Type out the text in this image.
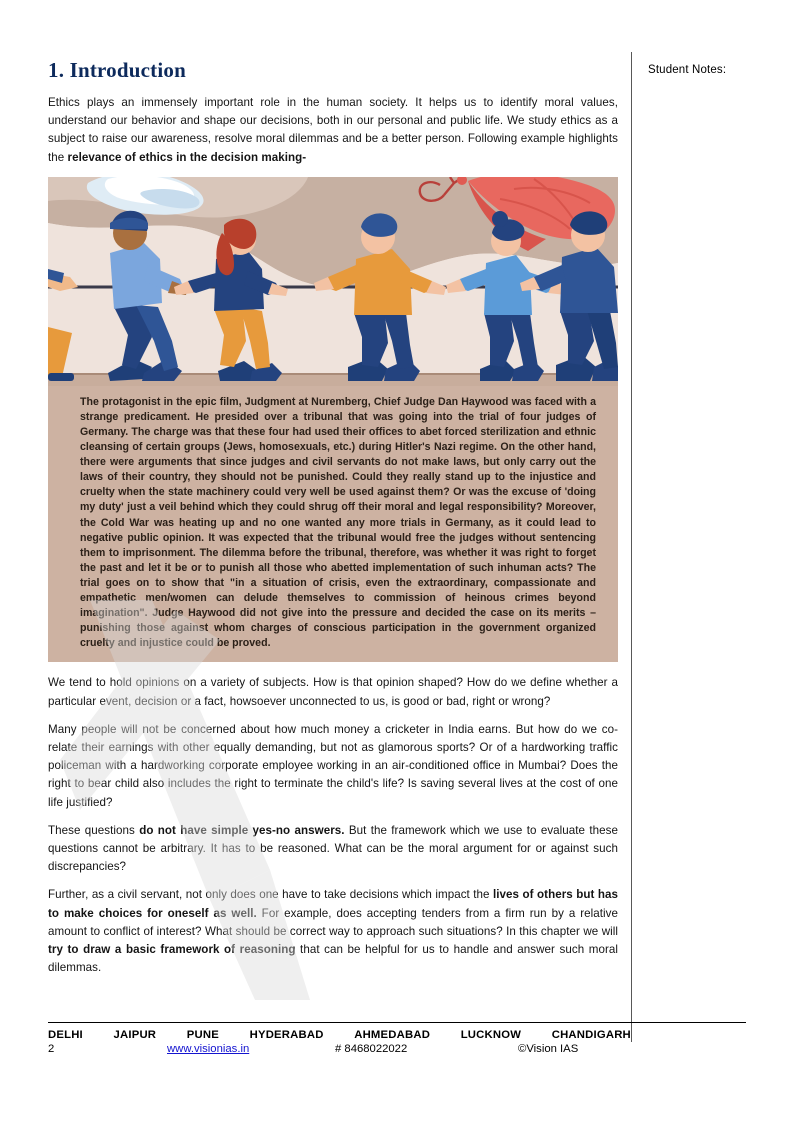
Student Notes:
1. Introduction

Ethics plays an immensely important role in the human society. It helps us to identify moral values, understand our behavior and shape our decisions, both in our personal and public life. We study ethics as a subject to raise our awareness, resolve moral dilemmas and be a better person. Following example highlights the relevance of ethics in the decision making-

The protagonist in the epic film, Judgment at Nuremberg, Chief Judge Dan Haywood was faced with a strange predicament. He presided over a tribunal that was going into the trial of four judges of Germany. The charge was that these four had used their offices to abet forced sterilization and ethnic cleansing of certain groups (Jews, homosexuals, etc.) during Hitler's Nazi regime. On the other hand, there were arguments that since judges and civil servants do not make laws, but only carry out the laws of their country, they should not be punished. Could they really stand up to the injustice and cruelty when the state machinery could very well be used against them? Or was the excuse of 'doing my duty' just a veil behind which they could shrug off their moral and legal responsibility? Moreover, the Cold War was heating up and no one wanted any more trials in Germany, as it could lead to negative public opinion. It was expected that the tribunal would free the judges without sentencing them to imprisonment. The dilemma before the tribunal, therefore, was whether it was right to forget the past and let it be or to punish all those who abetted implementation of such inhuman acts? The trial goes on to show that "in a situation of crisis, even the extraordinary, compassionate and empathetic men/women can delude themselves to commission of heinous crimes beyond imagination". Judge Haywood did not give into the pressure and decided the case on its merits – punishing those against whom charges of conscious participation in the government organized cruelty and injustice could be proved.

We tend to hold opinions on a variety of subjects. How is that opinion shaped? How do we define whether a particular event, decision or a fact, howsoever unconnected to us, is good or bad, right or wrong?

Many people will not be concerned about how much money a cricketer in India earns. But how do we co-relate their earnings with other equally demanding, but not as glamorous sports? Or of a hardworking traffic policeman with a hardworking corporate employee working in an air-conditioned office in Mumbai? Does the right to bear child also includes the right to terminate the child's life? Is saving several lives at the cost of one life justified?

These questions do not have simple yes-no answers. But the framework which we use to evaluate these questions cannot be arbitrary. It has to be reasoned. What can be the moral argument for or against such discrepancies?

Further, as a civil servant, not only does one have to take decisions which impact the lives of others but has to make choices for oneself as well. For example, does accepting tenders from a firm run by a relative amount to conflict of interest? What should be correct way to approach such situations? In this chapter we will try to draw a basic framework of reasoning that can be helpful for us to handle and answer such moral dilemmas.

DELHI	JAIPUR	PUNE	HYDERABAD	AHMEDABAD	LUCKNOW	CHANDIGARH
2	www.visionias.in	# 8468022022	©Vision IAS
